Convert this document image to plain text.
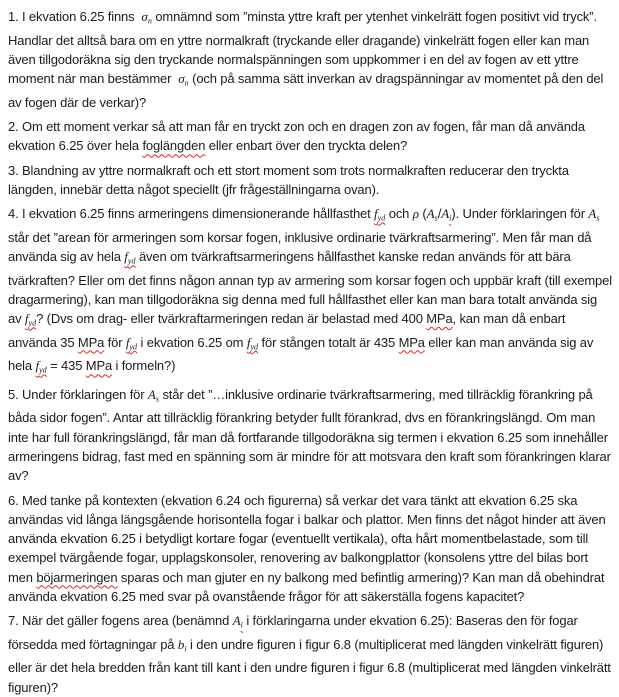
1. I ekvation 6.25 finns  $\sigma_n$ omnämnd som ”minsta yttre kraft per ytenhet vinkelrätt fogen positivt vid tryck”. Handlar det alltså bara om en yttre normalkraft (tryckande eller dragande) vinkelrätt fogen eller kan man även tillgodoräkna sig den tryckande normalspänningen som uppkommer i en del av fogen av ett yttre moment när man bestämmer  $\sigma_n$ (och på samma sätt inverkan av dragspänningar av momentet på den del av fogen där de verkar)?

2. Om ett moment verkar så att man får en tryckt zon och en dragen zon av fogen, får man då använda ekvation 6.25 över hela foglängden eller enbart över den tryckta delen?

3. Blandning av yttre normalkraft och ett stort moment som trots normalkraften reducerar den tryckta längden, innebär detta något speciellt (jfr frågeställningarna ovan).

4. I ekvation 6.25 finns armeringens dimensionerande hållfasthet $f_{yd}$ och ρ $(A_s/A_i)$. Under förklaringen för $A_s$ står det ”arean för armeringen som korsar fogen, inklusive ordinarie tvärkraftsarmering”. Men får man då använda sig av hela $f_{yd}$ även om tvärkraftsarmeringens hållfasthet kanske redan används för att bära tvärkraften? Eller om det finns någon annan typ av armering som korsar fogen och uppbär kraft (till exempel dragarmering), kan man tillgodoräkna sig denna med full hållfasthet eller kan man bara totalt använda sig av $f_{yd}$? (Dvs om drag- eller tvärkraftarmeringen redan är belastad med 400 MPa, kan man då enbart använda 35 MPa för $f_{yd}$ i ekvation 6.25 om $f_{yd}$ för stången totalt är 435 MPa eller kan man använda sig av hela $f_{yd} = 435$ MPa i formeln?)

5. Under förklaringen för $A_s$ står det ”…inklusive ordinarie tvärkraftsarmering, med tillräcklig förankring på båda sidor fogen”. Antar att tillräcklig förankring betyder fullt förankrad, dvs en förankringslängd. Om man inte har full förankringslängd, får man då fortfarande tillgodoräkna sig termen i ekvation 6.25 som innehåller armeringens bidrag, fast med en spänning som är mindre för att motsvara den kraft som förankringen klarar av?

6. Med tanke på kontexten (ekvation 6.24 och figurerna) så verkar det vara tänkt att ekvation 6.25 ska användas vid långa längsgående horisontella fogar i balkar och plattor. Men finns det något hinder att även använda ekvation 6.25 i betydligt kortare fogar (eventuellt vertikala), ofta hårt momentbelastade, som till exempel tvärgående fogar, upplagskonsoler, renovering av balkongplattor (konsolens yttre del bilas bort men böjarmeringen sparas och man gjuter en ny balkong med befintlig armering)? Kan man då obehindrat använda ekvation 6.25 med svar på ovanstående frågor för att säkerställa fogens kapacitet?

7. När det gäller fogens area (benämnd $A_i$ i förklaringarna under ekvation 6.25): Baseras den för fogar försedda med förtagningar på $b_i$ i den undre figuren i figur 6.8 (multiplicerat med längden vinkelrätt figuren) eller är det hela bredden från kant till kant i den undre figuren i figur 6.8 (multiplicerat med längden vinkelrätt figuren)?
